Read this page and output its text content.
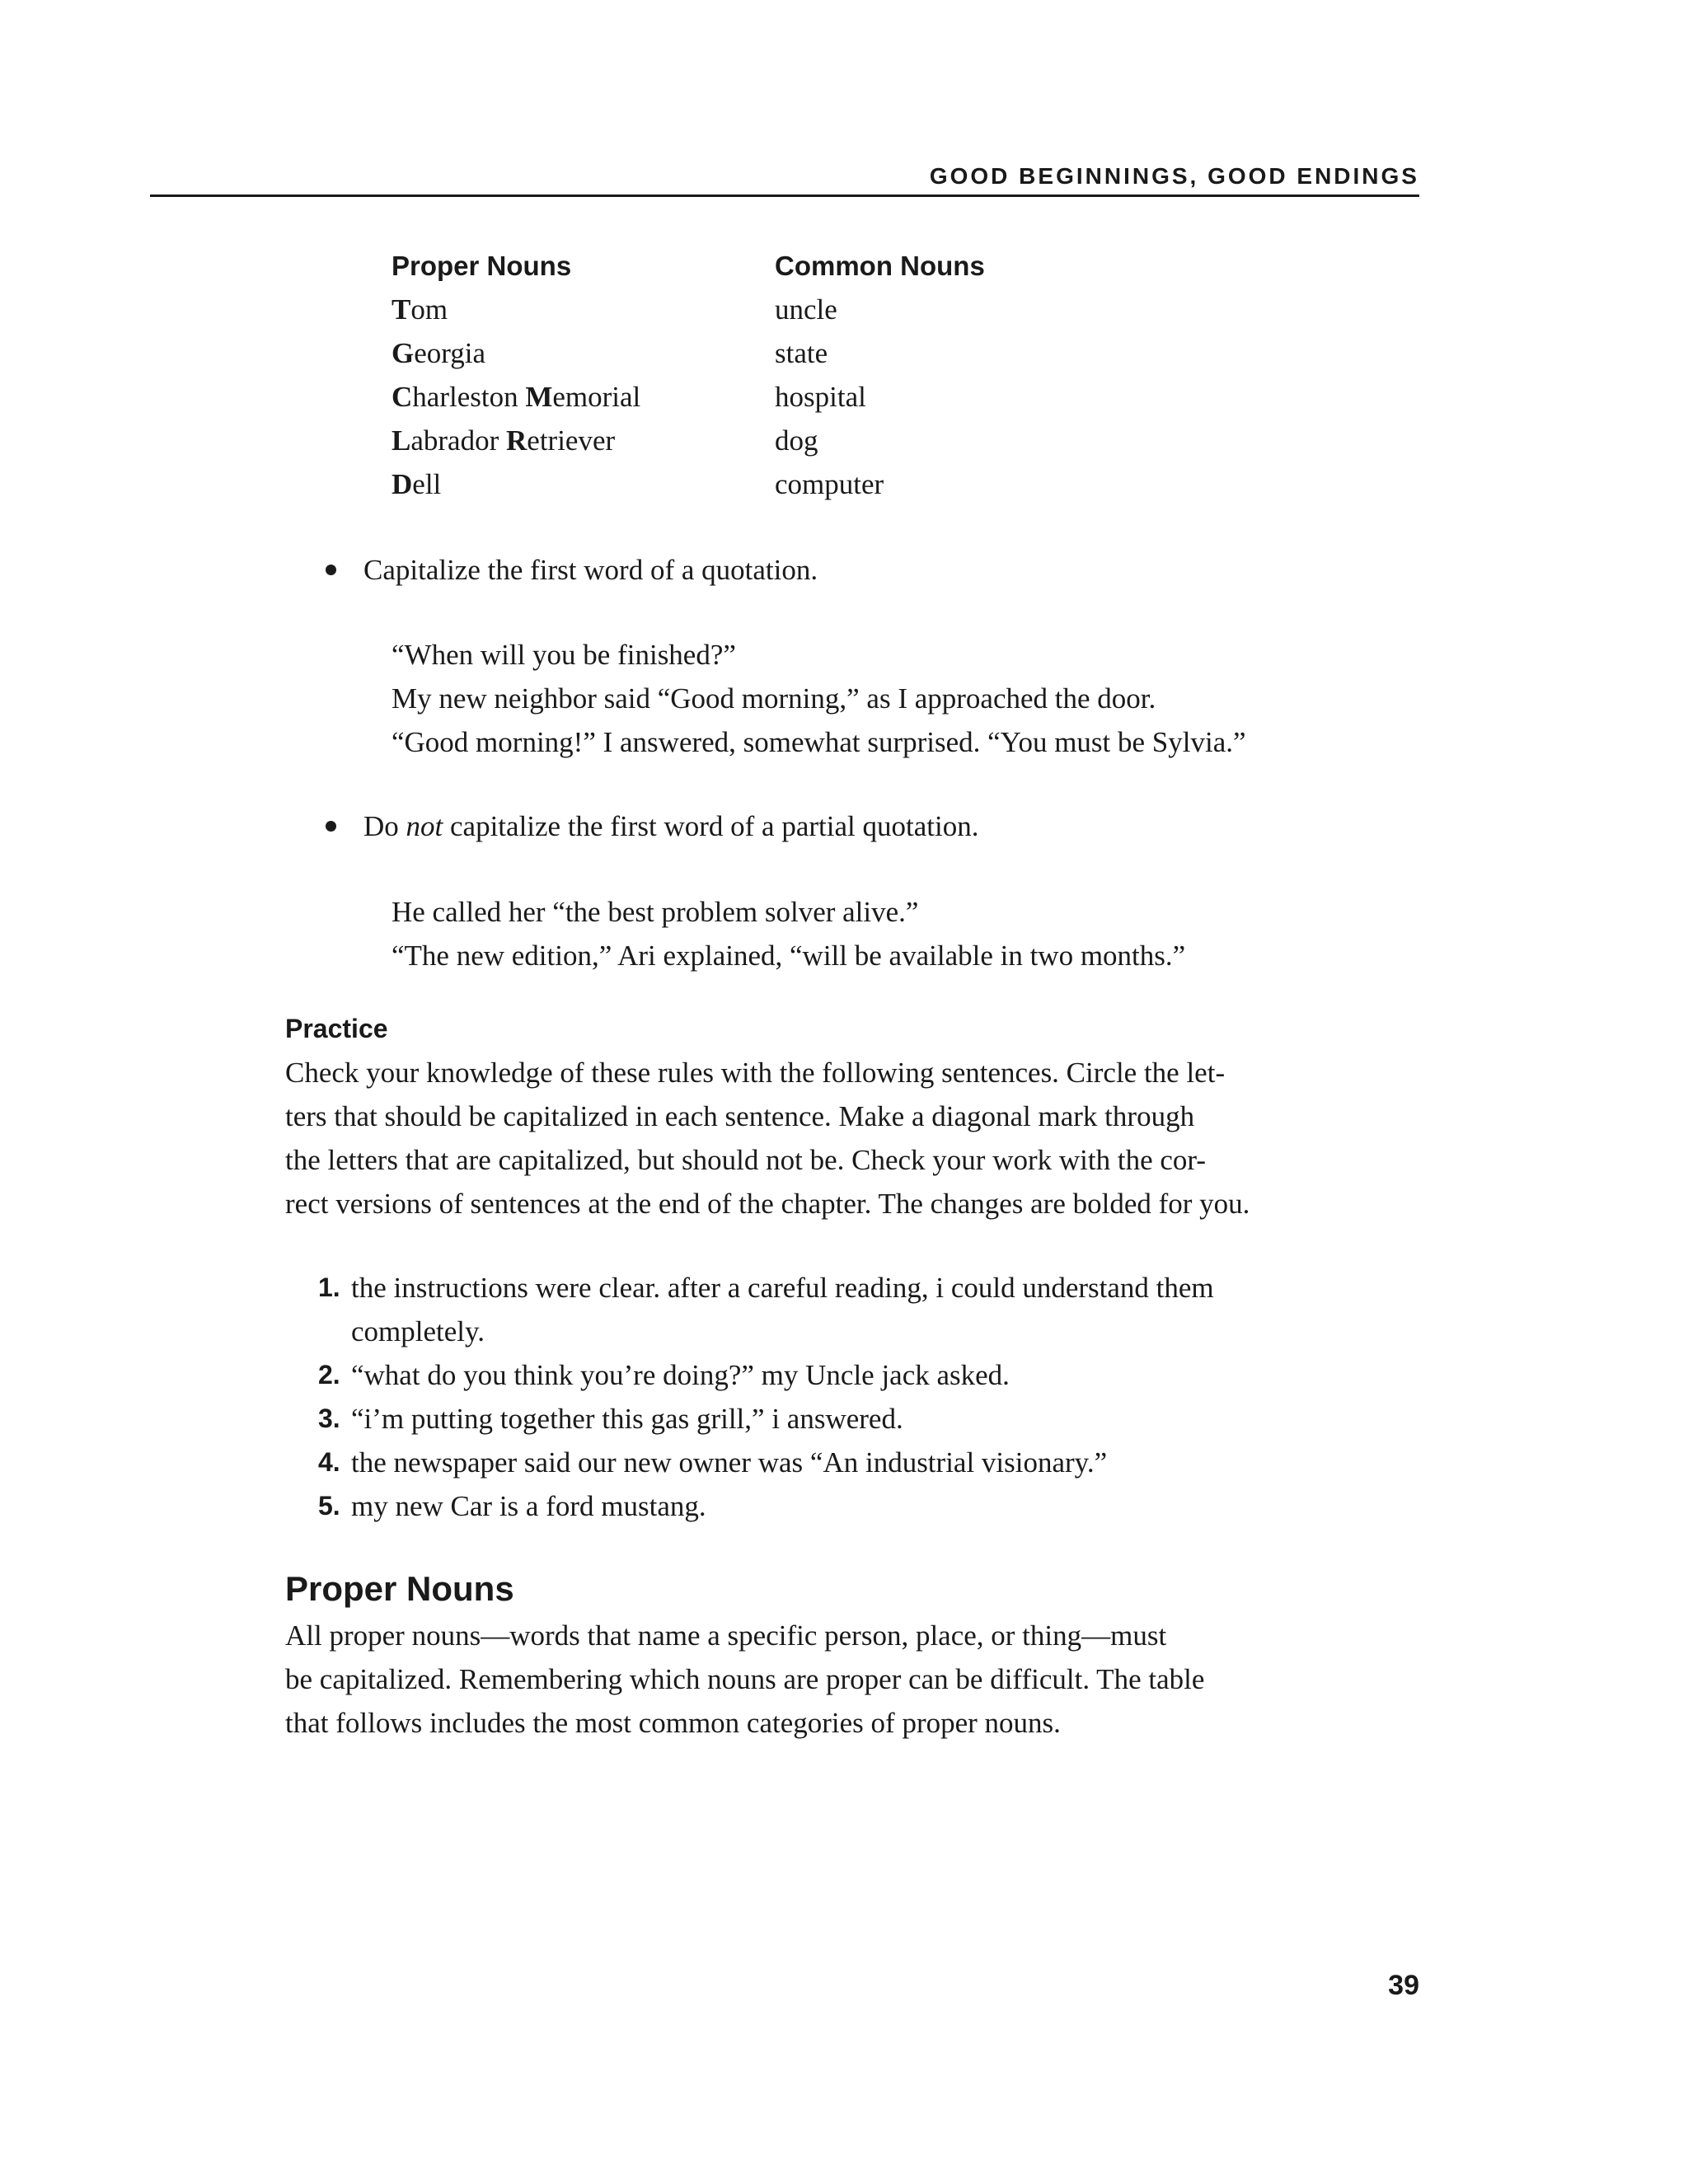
GOOD BEGINNINGS, GOOD ENDINGS
Proper Nouns	Common Nouns
Tom	uncle
Georgia	state
Charleston Memorial	hospital
Labrador Retriever	dog
Dell	computer
Capitalize the first word of a quotation.
“When will you be finished?”
My new neighbor said “Good morning,” as I approached the door.
“Good morning!” I answered, somewhat surprised. “You must be Sylvia.”
Do not capitalize the first word of a partial quotation.
He called her “the best problem solver alive.”
“The new edition,” Ari explained, “will be available in two months.”
Practice
Check your knowledge of these rules with the following sentences. Circle the let-
ters that should be capitalized in each sentence. Make a diagonal mark through
the letters that are capitalized, but should not be. Check your work with the cor-
rect versions of sentences at the end of the chapter. The changes are bolded for you.
1. the instructions were clear. after a careful reading, i could understand them
completely.
2. “what do you think you’re doing?” my Uncle jack asked.
3. “i’m putting together this gas grill,” i answered.
4. the newspaper said our new owner was “An industrial visionary.”
5. my new Car is a ford mustang.
Proper Nouns
All proper nouns—words that name a specific person, place, or thing—must
be capitalized. Remembering which nouns are proper can be difficult. The table
that follows includes the most common categories of proper nouns.
39
